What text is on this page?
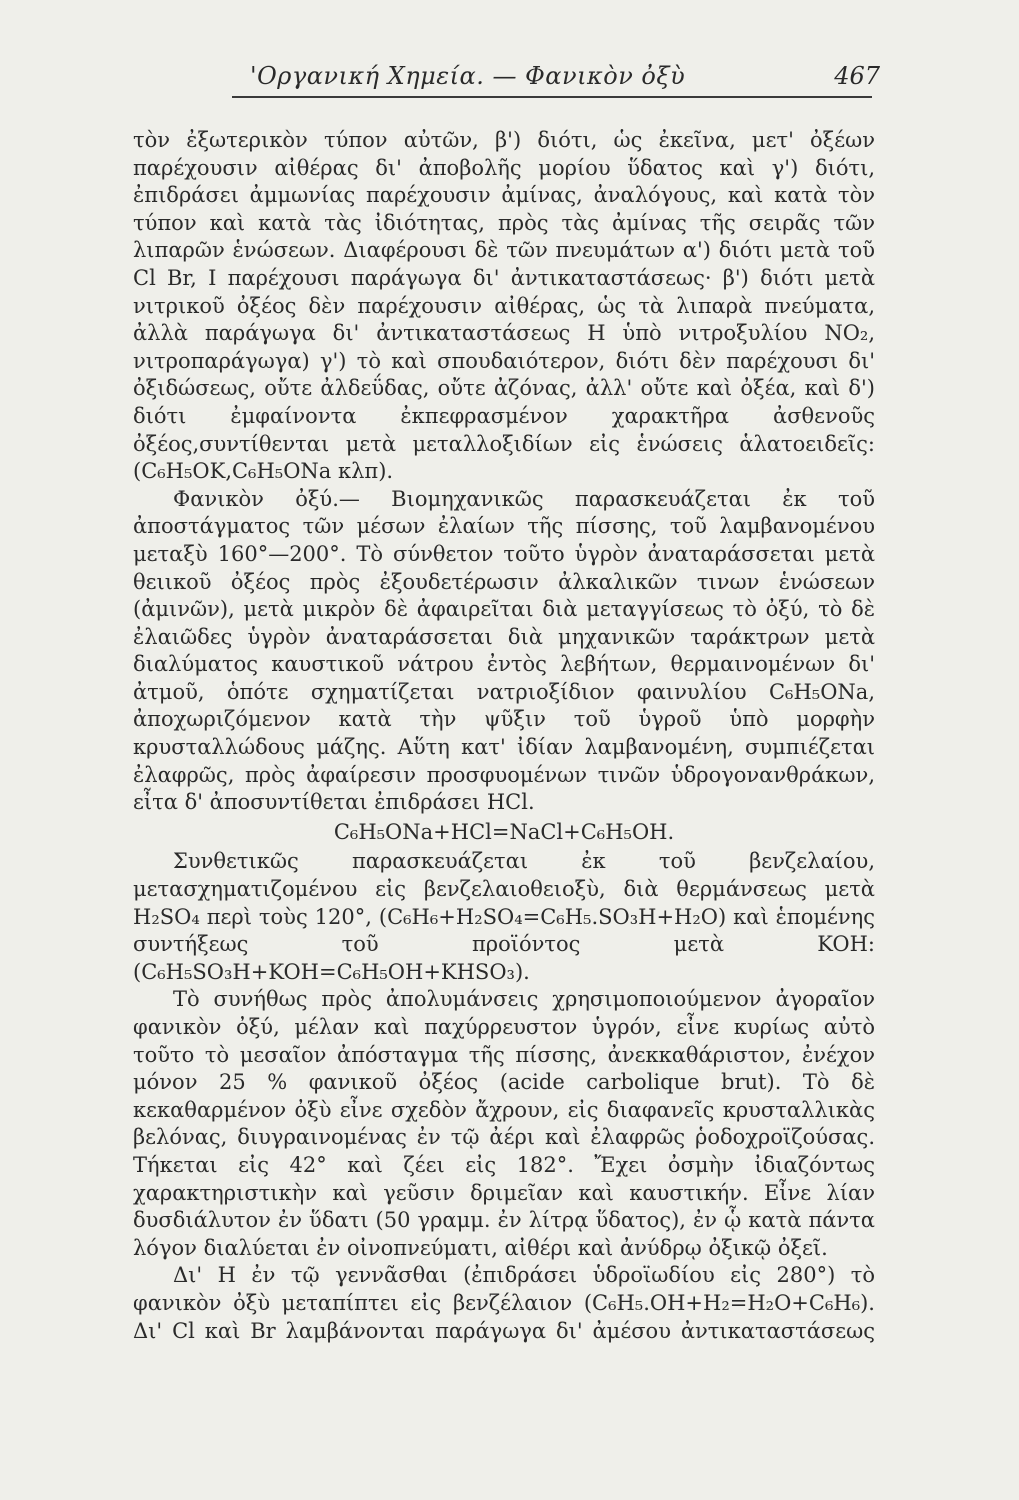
'Οργανική Χημεία. — Φανικὸν ὀξὺ	467

τὸν ἐξωτερικὸν τύπον αὐτῶν, β') διότι, ὡς ἐκεῖνα, μετ' ὀξέων παρέχουσιν αἰθέρας δι' ἀποβολῆς μορίου ὕδατος καὶ γ') διότι, ἐπιδράσει ἀμμωνίας παρέχουσιν ἀμίνας, ἀναλόγους, καὶ κατὰ τὸν τύπον καὶ κατὰ τὰς ἰδιότητας, πρὸς τὰς ἀμίνας τῆς σειρᾶς τῶν λιπαρῶν ἑνώσεων. Διαφέρουσι δὲ τῶν πνευμάτων α') διότι μετὰ τοῦ Cl Br, I παρέχουσι παράγωγα δι' ἀντικαταστάσεως· β') διότι μετὰ νιτρικοῦ ὀξέος δὲν παρέχουσιν αἰθέρας, ὡς τὰ λιπαρὰ πνεύματα, ἀλλὰ παράγωγα δι' ἀντικαταστάσεως Η ὑπὸ νιτροξυλίου NO₂, νιτροπαράγωγα) γ') τὸ καὶ σπουδαιότερον, διότι δὲν παρέχουσι δι' ὀξιδώσεως, οὔτε ἀλδεΰδας, οὔτε ἀζόνας, ἀλλ' οὔτε καὶ ὀξέα, καὶ δ') διότι ἐμφαίνοντα ἐκπεφρασμένον χαρακτῆρα ἀσθενοῦς ὀξέος,συντίθενται μετὰ μεταλλοξιδίων εἰς ἑνώσεις ἁλατοειδεῖς: (C₆H₅OK,C₆H₅ONa κλπ).

Φανικὸν ὀξύ.— Βιομηχανικῶς παρασκευάζεται ἐκ τοῦ ἀποστάγματος τῶν μέσων ἐλαίων τῆς πίσσης, τοῦ λαμβανομένου μεταξὺ 160°—200°. Τὸ σύνθετον τοῦτο ὑγρὸν ἀναταράσσεται μετὰ θειικοῦ ὀξέος πρὸς ἐξουδετέρωσιν ἀλκαλικῶν τινων ἑνώσεων (ἀμινῶν), μετὰ μικρὸν δὲ ἀφαιρεῖται διὰ μεταγγίσεως τὸ ὀξύ, τὸ δὲ ἐλαιῶδες ὑγρὸν ἀναταράσσεται διὰ μηχανικῶν ταράκτρων μετὰ διαλύματος καυστικοῦ νάτρου ἐντὸς λεβήτων, θερμαινομένων δι' ἀτμοῦ, ὁπότε σχηματίζεται νατριοξίδιον φαινυλίου C₆H₅ONa, ἀποχωριζόμενον κατὰ τὴν ψῦξιν τοῦ ὑγροῦ ὑπὸ μορφὴν κρυσταλλώδους μάζης. Αὕτη κατ' ἰδίαν λαμβανομένη, συμπιέζεται ἐλαφρῶς, πρὸς ἀφαίρεσιν προσφυομένων τινῶν ὑδρογονανθράκων, εἶτα δ' ἀποσυντίθεται ἐπιδράσει HCl.

C₆H₅ONa+HCl=NaCl+C₆H₅OH.

Συνθετικῶς παρασκευάζεται ἐκ τοῦ βενζελαίου, μετασχηματιζομένου εἰς βενζελαιοθειοξὺ, διὰ θερμάνσεως μετὰ H₂SO₄ περὶ τοὺς 120°, (C₆H₆+H₂SO₄=C₆H₅.SO₃H+H₂O) καὶ ἑπομένης συντήξεως τοῦ προϊόντος μετὰ KOH: (C₆H₅SO₃H+KOH=C₆H₅OH+KHSO₃).

Τὸ συνήθως πρὸς ἀπολυμάνσεις χρησιμοποιούμενον ἀγοραῖον φανικὸν ὀξύ, μέλαν καὶ παχύρρευστον ὑγρόν, εἶνε κυρίως αὐτὸ τοῦτο τὸ μεσαῖον ἀπόσταγμα τῆς πίσσης, ἀνεκκαθάριστον, ἐνέχον μόνον 25 % φανικοῦ ὀξέος (acide carbolique brut). Τὸ δὲ κεκαθαρμένον ὀξὺ εἶνε σχεδὸν ἄχρουν, εἰς διαφανεῖς κρυσταλλικὰς βελόνας, διυγραινομένας ἐν τῷ ἀέρι καὶ ἐλαφρῶς ῥοδοχροϊζούσας. Τήκεται εἰς 42° καὶ ζέει εἰς 182°. Ἔχει ὀσμὴν ἰδιαζόντως χαρακτηριστικὴν καὶ γεῦσιν δριμεῖαν καὶ καυστικήν. Εἶνε λίαν δυσδιάλυτον ἐν ὕδατι (50 γραμμ. ἐν λίτρᾳ ὕδατος), ἐν ᾧ κατὰ πάντα λόγον διαλύεται ἐν οἰνοπνεύματι, αἰθέρι καὶ ἀνύδρῳ ὀξικῷ ὀξεῖ.

Δι' H ἐν τῷ γεννᾶσθαι (ἐπιδράσει ὑδροϊωδίου εἰς 280°) τὸ φανικὸν ὀξὺ μεταπίπτει εἰς βενζέλαιον (C₆H₅.OH+H₂=H₂O+C₆H₆). Δι' Cl καὶ Br λαμβάνονται παράγωγα δι' ἀμέσου ἀντικαταστάσεως
